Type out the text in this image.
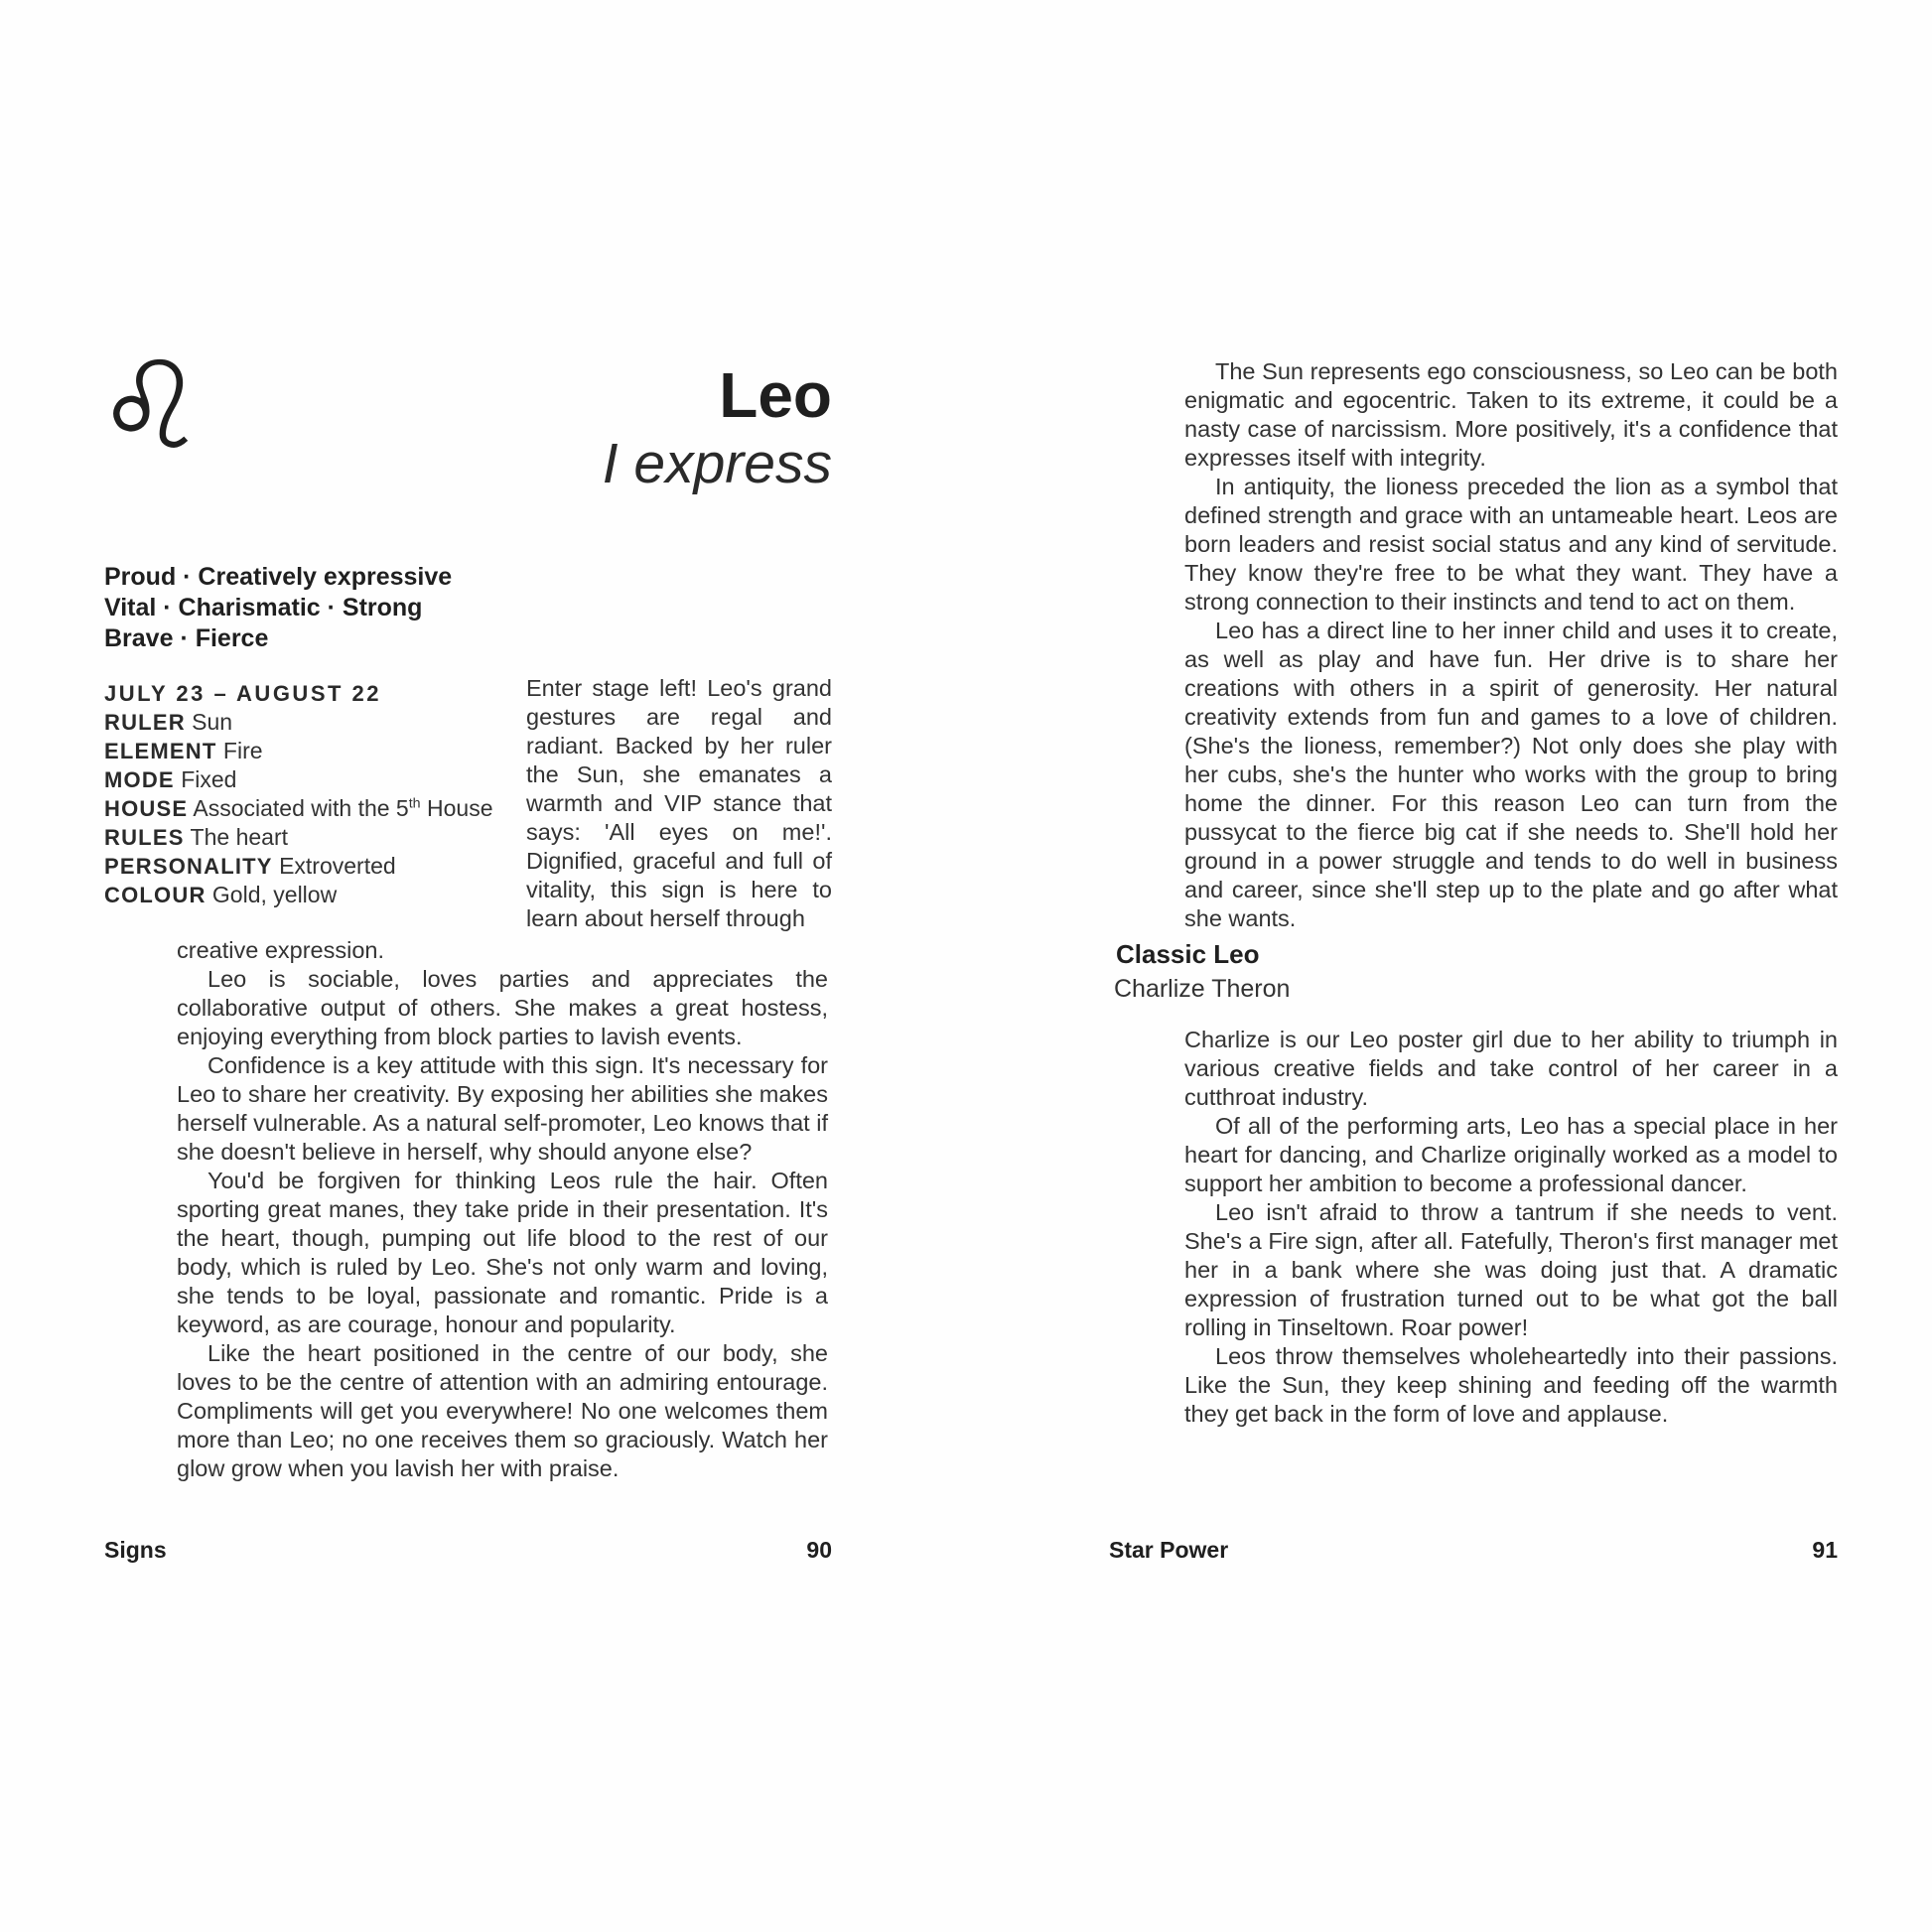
♌	Leo
I express
Proud · Creatively expressive
Vital · Charismatic · Strong
Brave · Fierce
JULY 23 – AUGUST 22
RULER Sun
ELEMENT Fire
MODE Fixed
HOUSE Associated with the 5th House
RULES The heart
PERSONALITY Extroverted
COLOUR Gold, yellow

Enter stage left! Leo's grand gestures are regal and radiant. Backed by her ruler the Sun, she emanates a warmth and VIP stance that says: 'All eyes on me!'. Dignified, graceful and full of vitality, this sign is here to learn about herself through

creative expression.

Leo is sociable, loves parties and appreciates the collaborative output of others. She makes a great hostess, enjoying everything from block parties to lavish events.

Confidence is a key attitude with this sign. It's necessary for Leo to share her creativity. By exposing her abilities she makes herself vulnerable. As a natural self-promoter, Leo knows that if she doesn't believe in herself, why should anyone else?

You'd be forgiven for thinking Leos rule the hair. Often sporting great manes, they take pride in their presentation. It's the heart, though, pumping out life blood to the rest of our body, which is ruled by Leo. She's not only warm and loving, she tends to be loyal, passionate and romantic. Pride is a keyword, as are courage, honour and popularity.

Like the heart positioned in the centre of our body, she loves to be the centre of attention with an admiring entourage. Compliments will get you everywhere! No one welcomes them more than Leo; no one receives them so graciously. Watch her glow grow when you lavish her with praise.

Signs	90

The Sun represents ego consciousness, so Leo can be both enigmatic and egocentric. Taken to its extreme, it could be a nasty case of narcissism. More positively, it's a confidence that expresses itself with integrity.

In antiquity, the lioness preceded the lion as a symbol that defined strength and grace with an untameable heart. Leos are born leaders and resist social status and any kind of servitude. They know they're free to be what they want. They have a strong connection to their instincts and tend to act on them.

Leo has a direct line to her inner child and uses it to create, as well as play and have fun. Her drive is to share her creations with others in a spirit of generosity. Her natural creativity extends from fun and games to a love of children. (She's the lioness, remember?) Not only does she play with her cubs, she's the hunter who works with the group to bring home the dinner. For this reason Leo can turn from the pussycat to the fierce big cat if she needs to. She'll hold her ground in a power struggle and tends to do well in business and career, since she'll step up to the plate and go after what she wants.

Classic Leo
Charlize Theron

Charlize is our Leo poster girl due to her ability to triumph in various creative fields and take control of her career in a cutthroat industry.

Of all of the performing arts, Leo has a special place in her heart for dancing, and Charlize originally worked as a model to support her ambition to become a professional dancer.

Leo isn't afraid to throw a tantrum if she needs to vent. She's a Fire sign, after all. Fatefully, Theron's first manager met her in a bank where she was doing just that. A dramatic expression of frustration turned out to be what got the ball rolling in Tinseltown. Roar power!

Leos throw themselves wholeheartedly into their passions. Like the Sun, they keep shining and feeding off the warmth they get back in the form of love and applause.

Star Power	91
